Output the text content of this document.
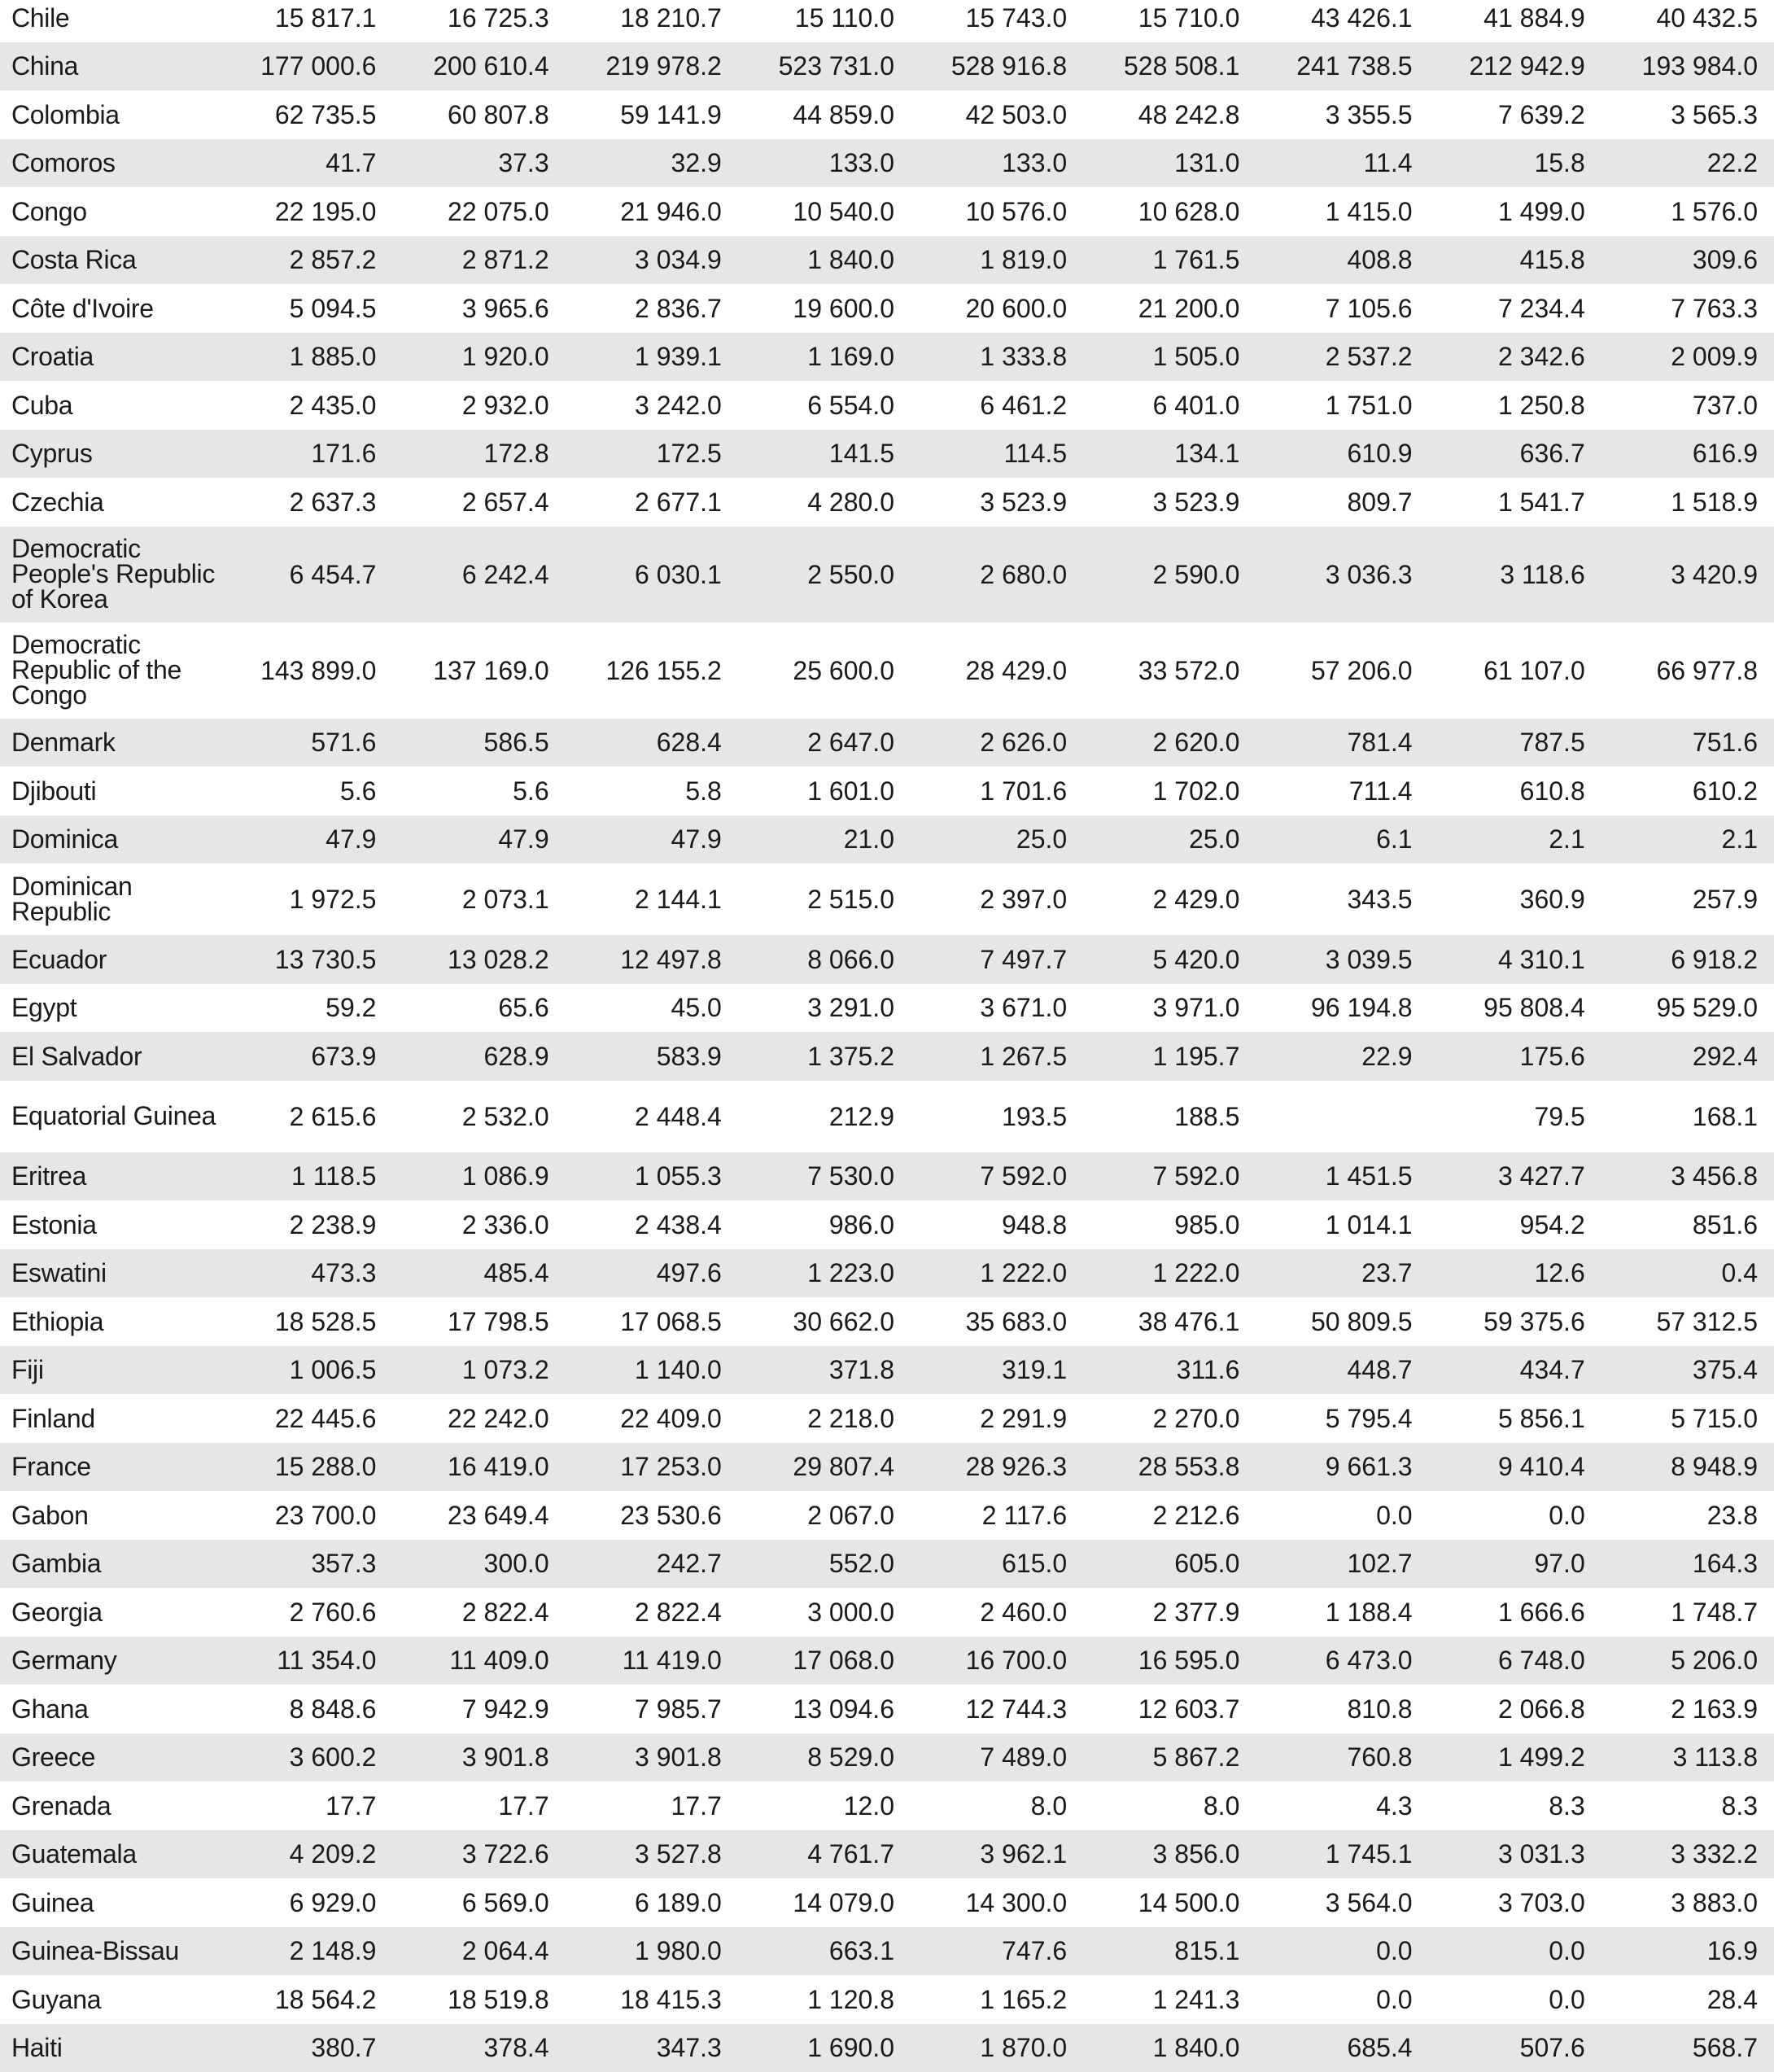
Chile	15 817.1	16 725.3	18 210.7	15 110.0	15 743.0	15 710.0	43 426.1	41 884.9	40 432.5
China	177 000.6	200 610.4	219 978.2	523 731.0	528 916.8	528 508.1	241 738.5	212 942.9	193 984.0
Colombia	62 735.5	60 807.8	59 141.9	44 859.0	42 503.0	48 242.8	3 355.5	7 639.2	3 565.3
Comoros	41.7	37.3	32.9	133.0	133.0	131.0	11.4	15.8	22.2
Congo	22 195.0	22 075.0	21 946.0	10 540.0	10 576.0	10 628.0	1 415.0	1 499.0	1 576.0
Costa Rica	2 857.2	2 871.2	3 034.9	1 840.0	1 819.0	1 761.5	408.8	415.8	309.6
Côte d'Ivoire	5 094.5	3 965.6	2 836.7	19 600.0	20 600.0	21 200.0	7 105.6	7 234.4	7 763.3
Croatia	1 885.0	1 920.0	1 939.1	1 169.0	1 333.8	1 505.0	2 537.2	2 342.6	2 009.9
Cuba	2 435.0	2 932.0	3 242.0	6 554.0	6 461.2	6 401.0	1 751.0	1 250.8	737.0
Cyprus	171.6	172.8	172.5	141.5	114.5	134.1	610.9	636.7	616.9
Czechia	2 637.3	2 657.4	2 677.1	4 280.0	3 523.9	3 523.9	809.7	1 541.7	1 518.9
Democratic People's Republic of Korea	6 454.7	6 242.4	6 030.1	2 550.0	2 680.0	2 590.0	3 036.3	3 118.6	3 420.9
Democratic Republic of the Congo	143 899.0	137 169.0	126 155.2	25 600.0	28 429.0	33 572.0	57 206.0	61 107.0	66 977.8
Denmark	571.6	586.5	628.4	2 647.0	2 626.0	2 620.0	781.4	787.5	751.6
Djibouti	5.6	5.6	5.8	1 601.0	1 701.6	1 702.0	711.4	610.8	610.2
Dominica	47.9	47.9	47.9	21.0	25.0	25.0	6.1	2.1	2.1
Dominican Republic	1 972.5	2 073.1	2 144.1	2 515.0	2 397.0	2 429.0	343.5	360.9	257.9
Ecuador	13 730.5	13 028.2	12 497.8	8 066.0	7 497.7	5 420.0	3 039.5	4 310.1	6 918.2
Egypt	59.2	65.6	45.0	3 291.0	3 671.0	3 971.0	96 194.8	95 808.4	95 529.0
El Salvador	673.9	628.9	583.9	1 375.2	1 267.5	1 195.7	22.9	175.6	292.4
Equatorial Guinea	2 615.6	2 532.0	2 448.4	212.9	193.5	188.5		79.5	168.1
Eritrea	1 118.5	1 086.9	1 055.3	7 530.0	7 592.0	7 592.0	1 451.5	3 427.7	3 456.8
Estonia	2 238.9	2 336.0	2 438.4	986.0	948.8	985.0	1 014.1	954.2	851.6
Eswatini	473.3	485.4	497.6	1 223.0	1 222.0	1 222.0	23.7	12.6	0.4
Ethiopia	18 528.5	17 798.5	17 068.5	30 662.0	35 683.0	38 476.1	50 809.5	59 375.6	57 312.5
Fiji	1 006.5	1 073.2	1 140.0	371.8	319.1	311.6	448.7	434.7	375.4
Finland	22 445.6	22 242.0	22 409.0	2 218.0	2 291.9	2 270.0	5 795.4	5 856.1	5 715.0
France	15 288.0	16 419.0	17 253.0	29 807.4	28 926.3	28 553.8	9 661.3	9 410.4	8 948.9
Gabon	23 700.0	23 649.4	23 530.6	2 067.0	2 117.6	2 212.6	0.0	0.0	23.8
Gambia	357.3	300.0	242.7	552.0	615.0	605.0	102.7	97.0	164.3
Georgia	2 760.6	2 822.4	2 822.4	3 000.0	2 460.0	2 377.9	1 188.4	1 666.6	1 748.7
Germany	11 354.0	11 409.0	11 419.0	17 068.0	16 700.0	16 595.0	6 473.0	6 748.0	5 206.0
Ghana	8 848.6	7 942.9	7 985.7	13 094.6	12 744.3	12 603.7	810.8	2 066.8	2 163.9
Greece	3 600.2	3 901.8	3 901.8	8 529.0	7 489.0	5 867.2	760.8	1 499.2	3 113.8
Grenada	17.7	17.7	17.7	12.0	8.0	8.0	4.3	8.3	8.3
Guatemala	4 209.2	3 722.6	3 527.8	4 761.7	3 962.1	3 856.0	1 745.1	3 031.3	3 332.2
Guinea	6 929.0	6 569.0	6 189.0	14 079.0	14 300.0	14 500.0	3 564.0	3 703.0	3 883.0
Guinea-Bissau	2 148.9	2 064.4	1 980.0	663.1	747.6	815.1	0.0	0.0	16.9
Guyana	18 564.2	18 519.8	18 415.3	1 120.8	1 165.2	1 241.3	0.0	0.0	28.4
Haiti	380.7	378.4	347.3	1 690.0	1 870.0	1 840.0	685.4	507.6	568.7
